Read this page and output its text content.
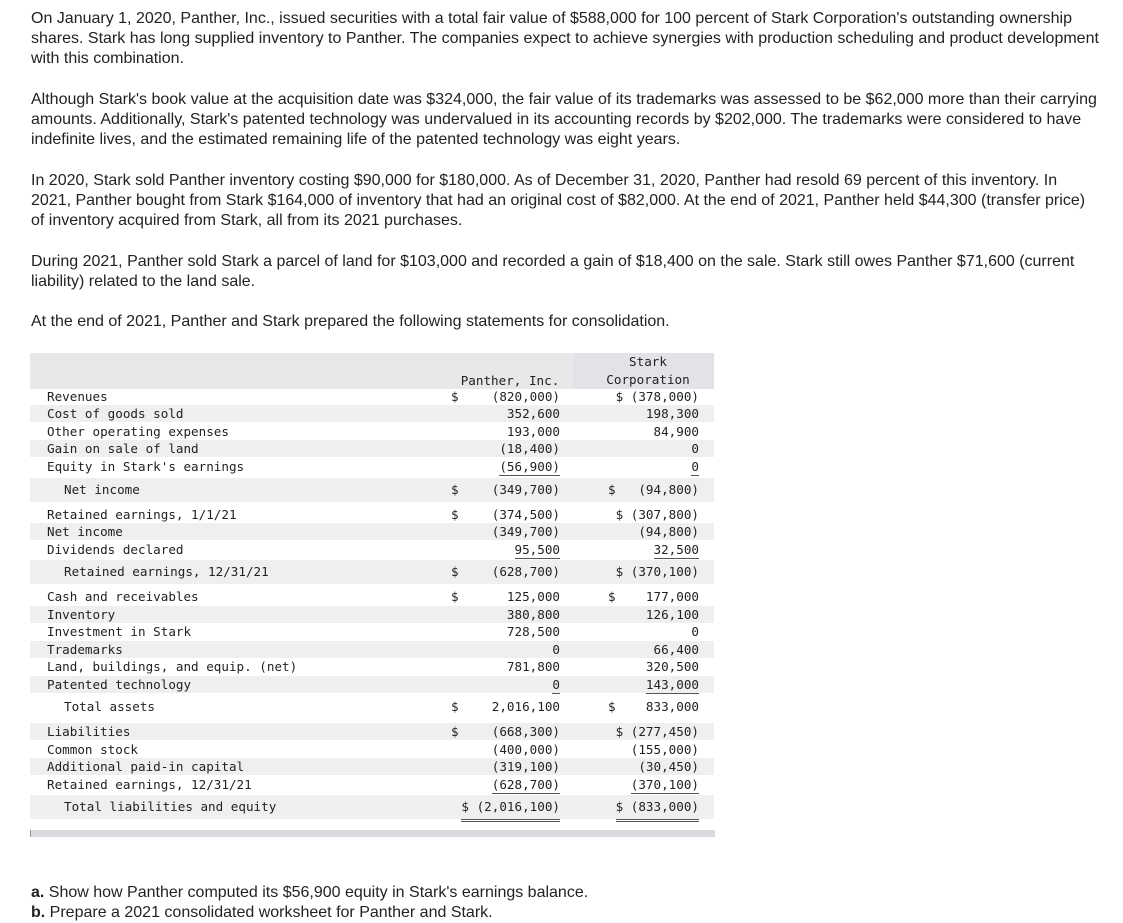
On January 1, 2020, Panther, Inc., issued securities with a total fair value of $588,000 for 100 percent of Stark Corporation's outstanding ownership shares. Stark has long supplied inventory to Panther. The companies expect to achieve synergies with production scheduling and product development with this combination.

Although Stark's book value at the acquisition date was $324,000, the fair value of its trademarks was assessed to be $62,000 more than their carrying amounts. Additionally, Stark's patented technology was undervalued in its accounting records by $202,000. The trademarks were considered to have indefinite lives, and the estimated remaining life of the patented technology was eight years.

In 2020, Stark sold Panther inventory costing $90,000 for $180,000. As of December 31, 2020, Panther had resold 69 percent of this inventory. In 2021, Panther bought from Stark $164,000 of inventory that had an original cost of $82,000. At the end of 2021, Panther held $44,300 (transfer price) of inventory acquired from Stark, all from its 2021 purchases.

During 2021, Panther sold Stark a parcel of land for $103,000 and recorded a gain of $18,400 on the sale. Stark still owes Panther $71,600 (current liability) related to the land sale.

At the end of 2021, Panther and Stark prepared the following statements for consolidation.

Panther, Inc.
Stark
Corporation
Revenues	$	(820,000)	$ (378,000)
Cost of goods sold	352,600	198,300
Other operating expenses	193,000	84,900
Gain on sale of land	(18,400)	0
Equity in Stark's earnings	(56,900)	0
Net income	$	(349,700)	$ (94,800)
Retained earnings, 1/1/21	$	(374,500)	$ (307,800)
Net income	(349,700)	(94,800)
Dividends declared	95,500	32,500
Retained earnings, 12/31/21	$	(628,700)	$ (370,100)
Cash and receivables	$	125,000	$ 177,000
Inventory	380,800	126,100
Investment in Stark	728,500	0
Trademarks	0	66,400
Land, buildings, and equip. (net)	781,800	320,500
Patented technology	0	143,000
Total assets	$	2,016,100	$ 833,000
Liabilities	$	(668,300)	$ (277,450)
Common stock	(400,000)	(155,000)
Additional paid-in capital	(319,100)	(30,450)
Retained earnings, 12/31/21	(628,700)	(370,100)
Total liabilities and equity	$ (2,016,100)	$ (833,000)
a. Show how Panther computed its $56,900 equity in Stark's earnings balance.
b. Prepare a 2021 consolidated worksheet for Panther and Stark.
